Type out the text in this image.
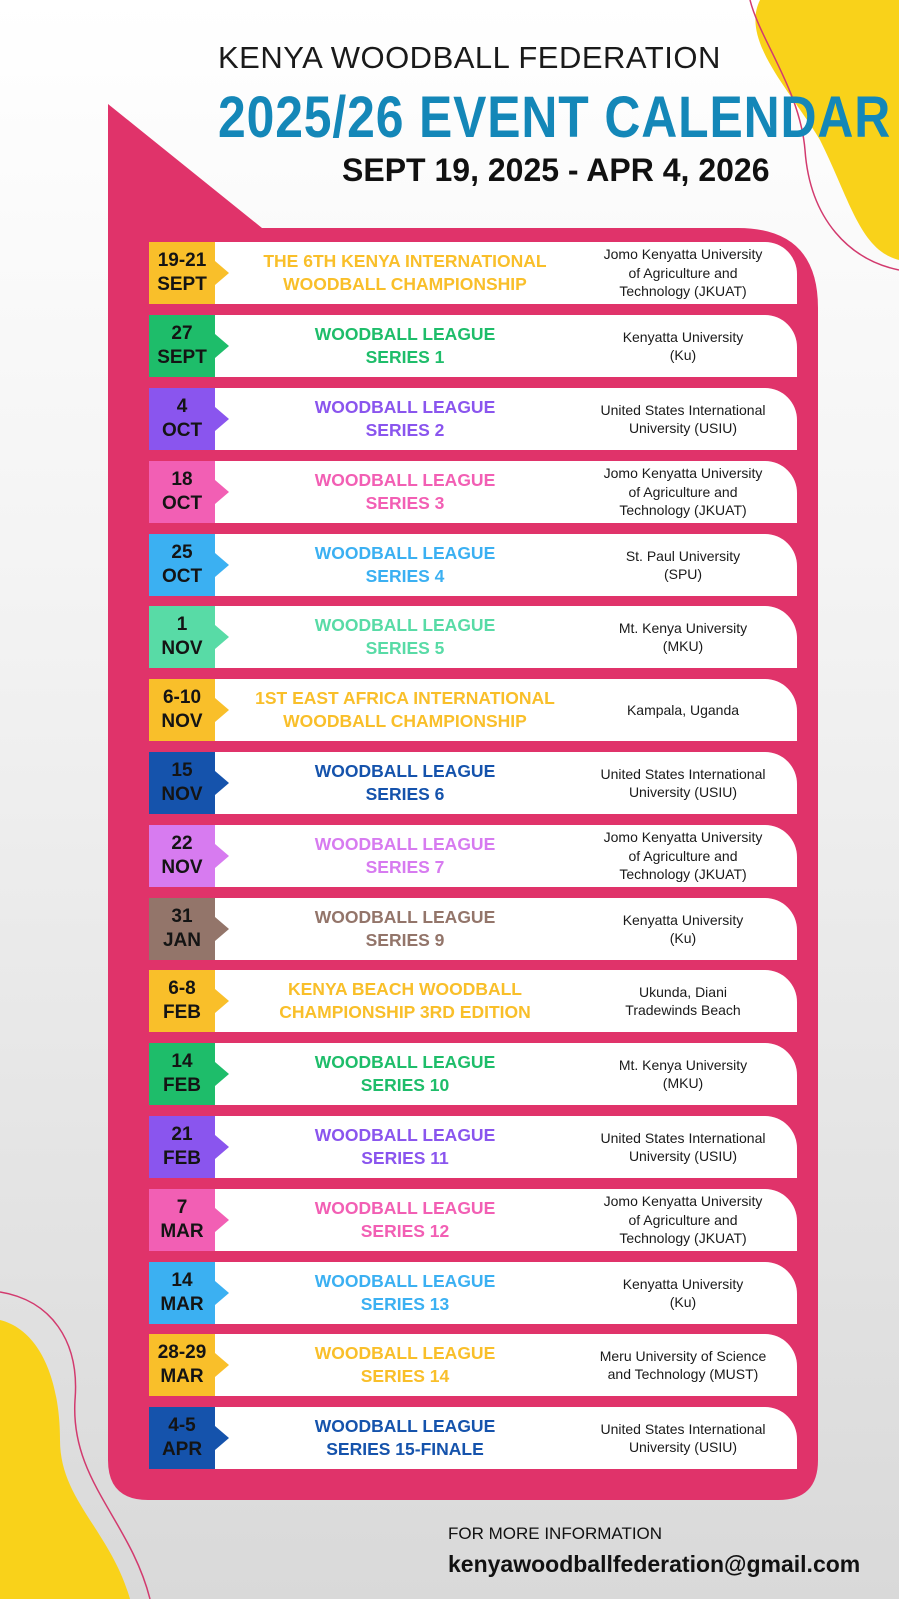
KENYA WOODBALL FEDERATION
2025/26 EVENT CALENDAR
SEPT 19, 2025 - APR 4, 2026
19-21
SEPT
THE 6TH KENYA INTERNATIONAL
WOODBALL CHAMPIONSHIP
Jomo Kenyatta University
of Agriculture and
Technology (JKUAT)
27
SEPT
WOODBALL LEAGUE
SERIES 1
Kenyatta University
(Ku)
4
OCT
WOODBALL LEAGUE
SERIES 2
United States International
University (USIU)
18
OCT
WOODBALL LEAGUE
SERIES 3
Jomo Kenyatta University
of Agriculture and
Technology (JKUAT)
25
OCT
WOODBALL LEAGUE
SERIES 4
St. Paul University
(SPU)
1
NOV
WOODBALL LEAGUE
SERIES 5
Mt. Kenya University
(MKU)
6-10
NOV
1ST EAST AFRICA INTERNATIONAL
WOODBALL CHAMPIONSHIP
Kampala, Uganda
15
NOV
WOODBALL LEAGUE
SERIES 6
United States International
University (USIU)
22
NOV
WOODBALL LEAGUE
SERIES 7
Jomo Kenyatta University
of Agriculture and
Technology (JKUAT)
31
JAN
WOODBALL LEAGUE
SERIES 9
Kenyatta University
(Ku)
6-8
FEB
KENYA BEACH WOODBALL
CHAMPIONSHIP 3RD EDITION
Ukunda, Diani
Tradewinds Beach
14
FEB
WOODBALL LEAGUE
SERIES 10
Mt. Kenya University
(MKU)
21
FEB
WOODBALL LEAGUE
SERIES 11
United States International
University (USIU)
7
MAR
WOODBALL LEAGUE
SERIES 12
Jomo Kenyatta University
of Agriculture and
Technology (JKUAT)
14
MAR
WOODBALL LEAGUE
SERIES 13
Kenyatta University
(Ku)
28-29
MAR
WOODBALL LEAGUE
SERIES 14
Meru University of Science
and Technology (MUST)
4-5
APR
WOODBALL LEAGUE
SERIES 15-FINALE
United States International
University (USIU)
FOR MORE INFORMATION
kenyawoodballfederation@gmail.com
